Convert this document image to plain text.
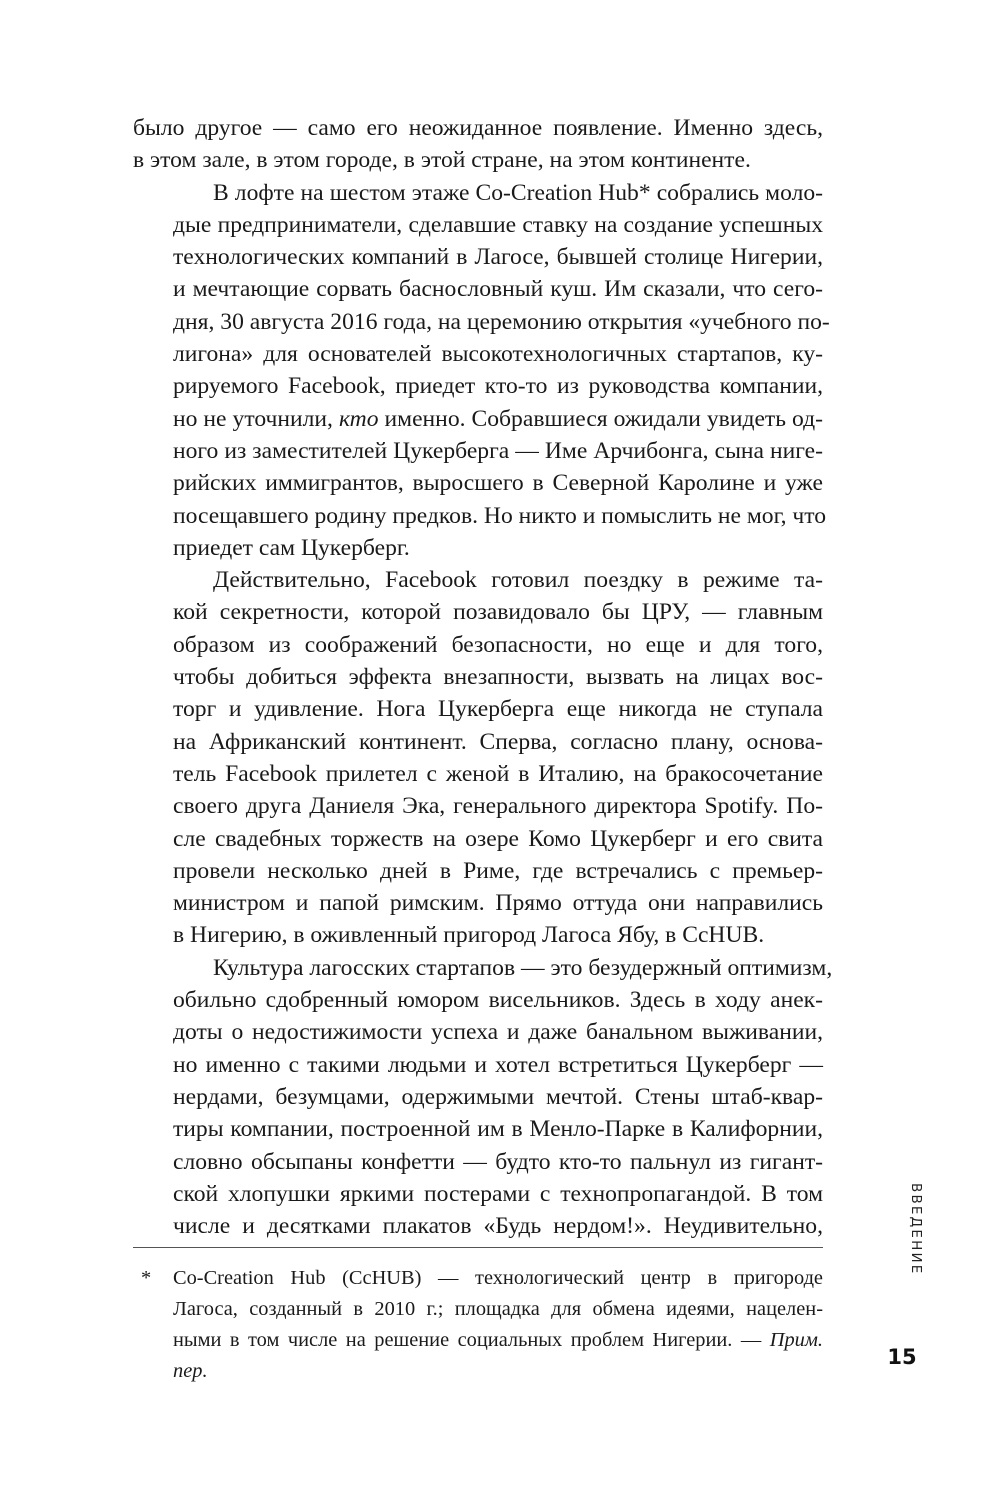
было другое — само его неожиданное появление. Именно здесь,
в этом зале, в этом городе, в этой стране, на этом континенте.

В лофте на шестом этаже Co-Creation Hub* собрались моло-
дые предприниматели, сделавшие ставку на создание успешных
технологических компаний в Лагосе, бывшей столице Нигерии,
и мечтающие сорвать баснословный куш. Им сказали, что сего-
дня, 30 августа 2016 года, на церемонию открытия «учебного по-
лигона» для основателей высокотехнологичных стартапов, ку-
рируемого Facebook, приедет кто-то из руководства компании,
но не уточнили, кто именно. Собравшиеся ожидали увидеть од-
ного из заместителей Цукерберга — Име Арчибонга, сына ниге-
рийских иммигрантов, выросшего в Северной Каролине и уже
посещавшего родину предков. Но никто и помыслить не мог, что
приедет сам Цукерберг.

Действительно, Facebook готовил поездку в режиме та-
кой секретности, которой позавидовало бы ЦРУ, — главным
образом из соображений безопасности, но еще и для того,
чтобы добиться эффекта внезапности, вызвать на лицах вос-
торг и удивление. Нога Цукерберга еще никогда не ступала
на Африканский континент. Сперва, согласно плану, основа-
тель Facebook прилетел с женой в Италию, на бракосочетание
своего друга Даниеля Эка, генерального директора Spotify. По-
сле свадебных торжеств на озере Комо Цукерберг и его свита
провели несколько дней в Риме, где встречались с премьер-
министром и папой римским. Прямо оттуда они направились
в Нигерию, в оживленный пригород Лагоса Ябу, в CcHUB.

Культура лагосских стартапов — это безудержный оптимизм,
обильно сдобренный юмором висельников. Здесь в ходу анек-
доты о недостижимости успеха и даже банальном выживании,
но именно с такими людьми и хотел встретиться Цукерберг —
нердами, безумцами, одержимыми мечтой. Стены штаб-квар-
тиры компании, построенной им в Менло-Парке в Калифорнии,
словно обсыпаны конфетти — будто кто-то пальнул из гигант-
ской хлопушки яркими постерами с технопропагандой. В том
числе и десятками плакатов «Будь нердом!». Неудивительно,

* Co-Creation Hub (CcHUB) — технологический центр в пригороде
Лагоса, созданный в 2010 г.; площадка для обмена идеями, нацелен-
ными в том числе на решение социальных проблем Нигерии. — Прим.
пер.
ВВЕДЕНИЕ
15
